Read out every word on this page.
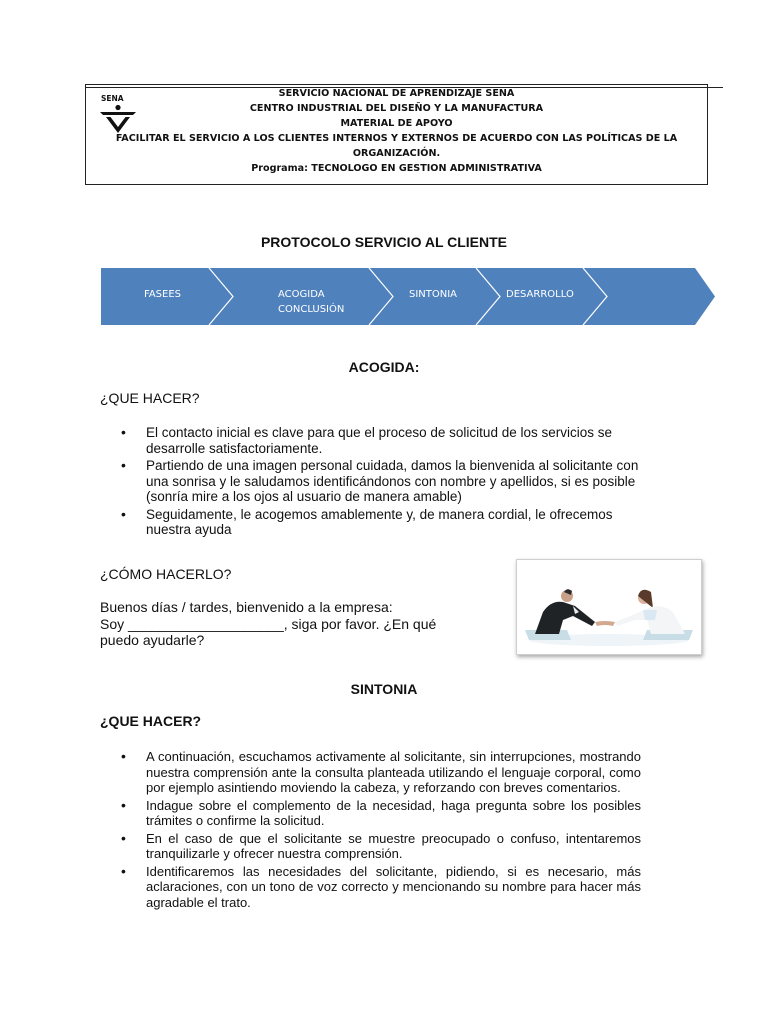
SENA	SERVICIO NACIONAL DE APRENDIZAJE SENA
CENTRO INDUSTRIAL DEL DISEÑO Y LA MANUFACTURA
MATERIAL DE APOYO
FACILITAR EL SERVICIO A LOS CLIENTES INTERNOS Y EXTERNOS DE ACUERDO CON LAS POLÍTICAS DE LA
ORGANIZACIÓN.
Programa: TECNOLOGO EN GESTION ADMINISTRATIVA
PROTOCOLO SERVICIO AL CLIENTE
FASEES	ACOGIDA
CONCLUSIÓN
SINTONIA	DESARROLLO
ACOGIDA:
¿QUE HACER?
• El contacto inicial es clave para que el proceso de solicitud de los servicios se desarrolle satisfactoriamente.
• Partiendo de una imagen personal cuidada, damos la bienvenida al solicitante con una sonrisa y le saludamos identificándonos con nombre y apellidos, si es posible (sonría mire a los ojos al usuario de manera amable)
• Seguidamente, le acogemos amablemente y, de manera cordial, le ofrecemos nuestra ayuda
¿CÓMO HACERLO?
Buenos días / tardes, bienvenido a la empresa:
Soy ____________________, siga por favor. ¿En qué
puedo ayudarle?
SINTONIA
¿QUE HACER?
• A continuación, escuchamos activamente al solicitante, sin interrupciones, mostrando nuestra comprensión ante la consulta planteada utilizando el lenguaje corporal, como por ejemplo asintiendo moviendo la cabeza, y reforzando con breves comentarios.
• Indague sobre el complemento de la necesidad, haga pregunta sobre los posibles trámites o confirme la solicitud.
• En el caso de que el solicitante se muestre preocupado o confuso, intentaremos tranquilizarle y ofrecer nuestra comprensión.
• Identificaremos las necesidades del solicitante, pidiendo, si es necesario, más aclaraciones, con un tono de voz correcto y mencionando su nombre para hacer más agradable el trato.
